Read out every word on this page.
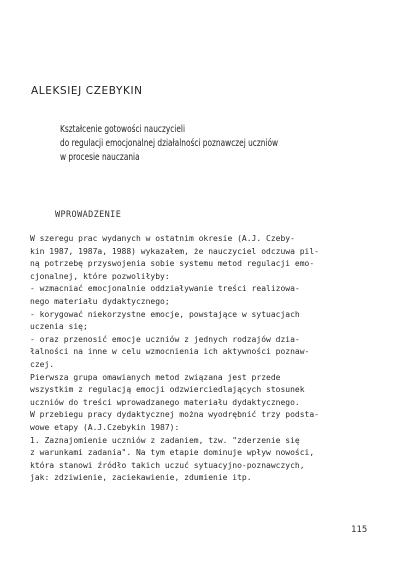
ALEKSIEJ CZEBYKIN
Kształcenie gotowości nauczycieli
do regulacji emocjonalnej działalności poznawczej uczniów
w procesie nauczania
WPROWADZENIE
W szeregu prac wydanych w ostatnim okresie (A.J. Czeby-
kin 1987, 1987a, 1988) wykazałem, że nauczyciel odczuwa pil-
ną potrzebę przyswojenia sobie systemu metod regulacji emo-
cjonalnej, które pozwoliłyby:
- wzmacniać emocjonalnie oddziaływanie treści realizowa-
nego materiału dydaktycznego;
- korygować niekorzystne emocje, powstające w sytuacjach
uczenia się;
- oraz przenosić emocje uczniów z jednych rodzajów dzia-
łalności na inne w celu wzmocnienia ich aktywności poznaw-
czej.
Pierwsza grupa omawianych metod związana jest przede
wszystkim z regulacją emocji odzwierciedlających stosunek
uczniów do treści wprowadzanego materiału dydaktycznego.
W przebiegu pracy dydaktycznej można wyodrębnić trzy podsta-
wowe etapy (A.J.Czebykin 1987):
1. Zaznajomienie uczniów z zadaniem, tzw. "zderzenie się
z warunkami zadania". Na tym etapie dominuje wpływ nowości,
która stanowi źródło takich uczuć sytuacyjno-poznawczych,
jak: zdziwienie, zaciekawienie, zdumienie itp.
115
